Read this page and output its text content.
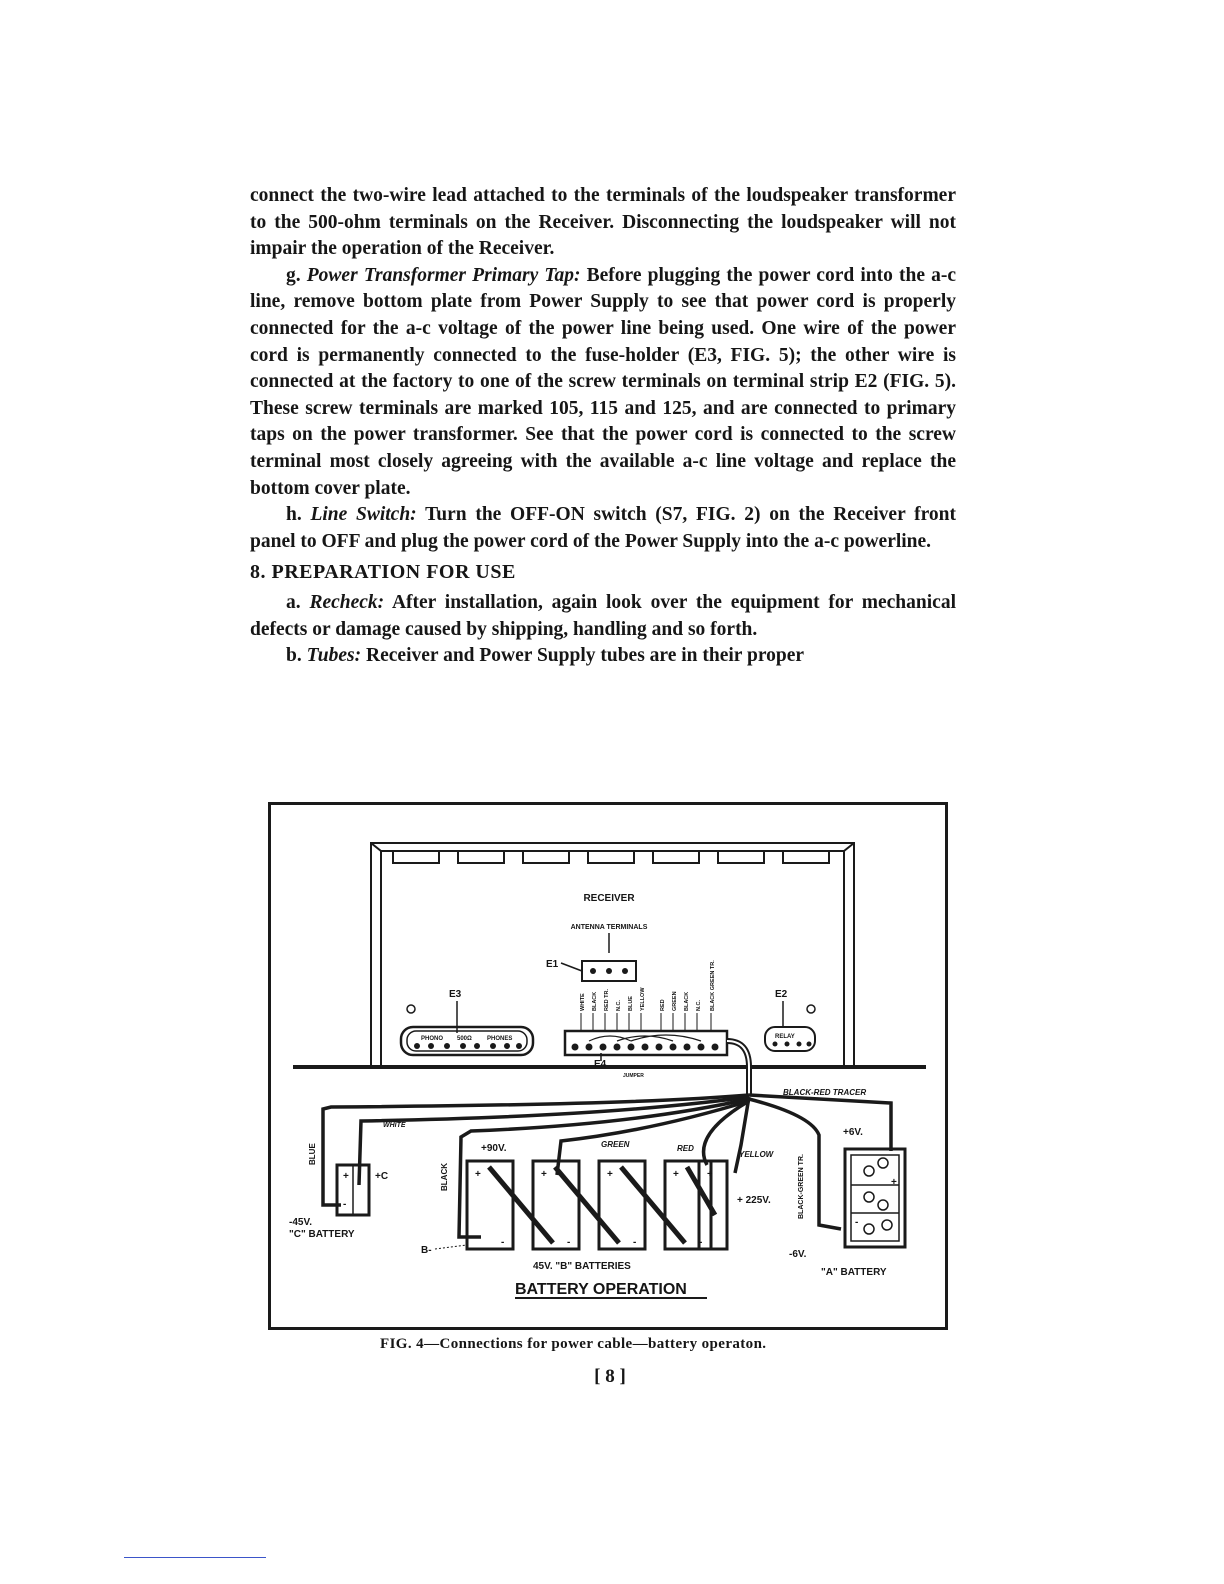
connect the two-wire lead attached to the terminals of the loudspeaker transformer to the 500-ohm terminals on the Receiver. Disconnecting the loudspeaker will not impair the operation of the Receiver.

g. Power Transformer Primary Tap: Before plugging the power cord into the a-c line, remove bottom plate from Power Supply to see that power cord is properly connected for the a-c voltage of the power line being used. One wire of the power cord is permanently connected to the fuse-holder (E3, FIG. 5); the other wire is connected at the factory to one of the screw terminals on terminal strip E2 (FIG. 5). These screw terminals are marked 105, 115 and 125, and are connected to primary taps on the power transformer. See that the power cord is connected to the screw terminal most closely agreeing with the available a-c line voltage and replace the bottom cover plate.

h. Line Switch: Turn the OFF-ON switch (S7, FIG. 2) on the Receiver front panel to OFF and plug the power cord of the Power Supply into the a-c powerline.

8. PREPARATION FOR USE

a. Recheck: After installation, again look over the equipment for mechanical defects or damage caused by shipping, handling and so forth.

b. Tubes: Receiver and Power Supply tubes are in their proper

RECEIVER
ANTENNA TERMINALS
E1
E3	E2
PHONO 500Ω	PHONES	RELAY
WHITE BLACK RED TR. N.C. BLUE YELLOW	RED GREEN BLACK N.C. BLACK GREEN TR.
E4
JUMPER
BLACK-RED TRACER
WHITE
BLUE
BLACK
GREEN	RED
YELLOW	BLACK-GREEN TR.
+90V.
+ 225V.
+	+	+	+	+
-	-	-	-
45V. "B" BATTERIES
BATTERY OPERATION
B-
+
-
+C
-45V.
"C" BATTERY
+
-
+6V.
-6V.
"A" BATTERY
FIG. 4—Connections for power cable—battery operaton.
[ 8 ]
